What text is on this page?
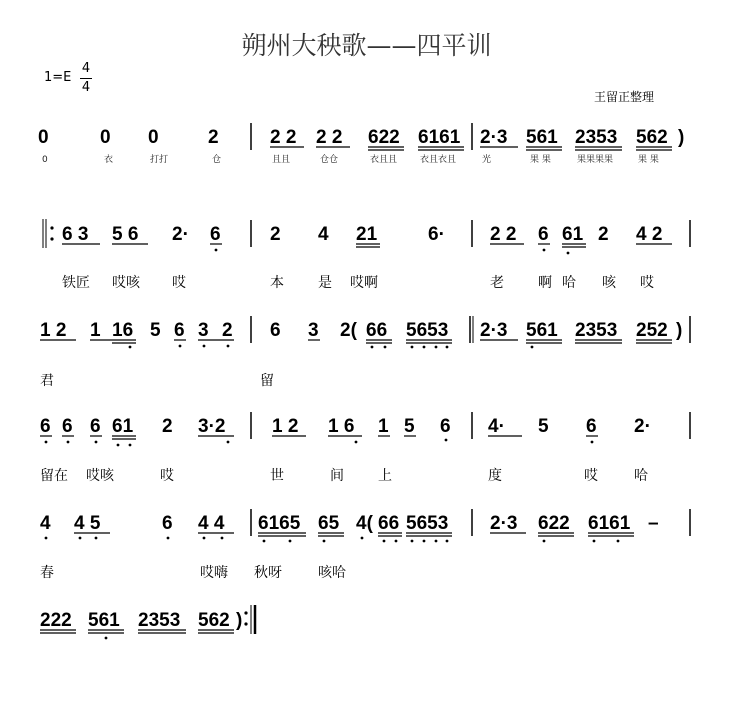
朔州大秧歌——四平训
1=E
4
4
王留正整理
0	0 0	2	2 2 2 2 622 6161 2·3 561 2353 562 )
0	衣	打打	仓	且且	仓仓	衣且且	衣且衣且	光	果 果	果果果果	果 果
6 3 5 6 2· 6	2 4 21	6· 2 2 6 61 2 4 2
铁匠 哎咳 哎	本 是 哎啊	老 啊 哈 咳 哎
1 2 1 16 5 6 3 2 6 3 2( 66 5653 2·3 561 2353 252 )
君	留
6 6 6 61 2 3·2 1 2 1 6 1 5 6 4· 5 6 2·
留在 哎咳	哎	世	间 上	度	哎	哈
4 4 5	6 4 4 6165 65 4( 66 5653 2·3 622 6161 –
春	哎嗨 秋呀	咳哈
222 561 2353 562 )
